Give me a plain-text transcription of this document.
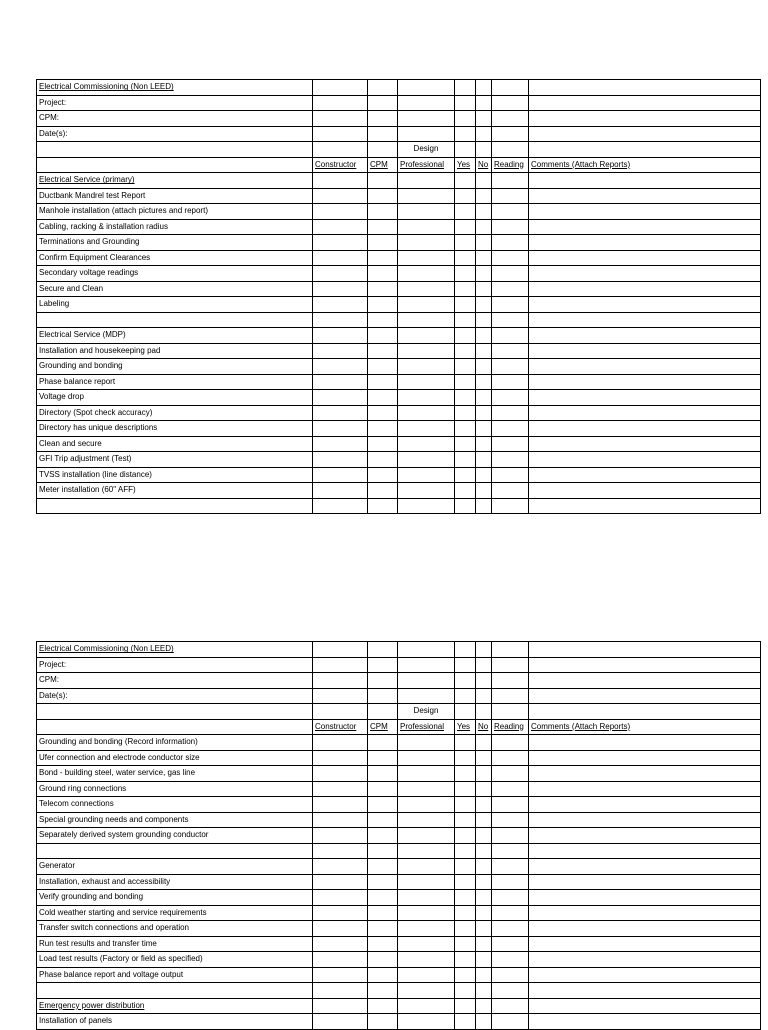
Electrical Commissioning (Non LEED)							
Project:							
CPM:							
Date(s):							
			Design				
	Constructor	CPM	Professional	Yes	No	Reading	Comments (Attach Reports)
Electrical Service (primary)							
Ductbank Mandrel test Report							
Manhole installation (attach pictures and report)							
Cabling, racking & installation radius							
Terminations and Grounding							
Confirm Equipment Clearances							
Secondary voltage readings							
Secure and Clean							
Labeling							

Electrical Service (MDP)							
Installation and housekeeping pad							
Grounding and bonding							
Phase balance report							
Voltage drop							
Directory (Spot check accuracy)							
Directory has unique descriptions							
Clean and secure							
GFI Trip adjustment (Test)							
TVSS installation (line distance)							
Meter installation (60" AFF)							

Electrical Commissioning (Non LEED)							
Project:							
CPM:							
Date(s):							
			Design				
	Constructor	CPM	Professional	Yes	No	Reading	Comments (Attach Reports)
Grounding and bonding (Record information)							
Ufer connection and electrode conductor size							
Bond - building steel, water service, gas line							
Ground ring connections							
Telecom connections							
Special grounding needs and components							
Separately derived system grounding conductor							

Generator							
Installation, exhaust and accessibility							
Verify grounding and bonding							
Cold weather starting and service requirements							
Transfer switch connections and operation							
Run test results and transfer time							
Load test results (Factory or field as specified)							
Phase balance report and voltage output							

Emergency power distribution							
Installation of panels							
